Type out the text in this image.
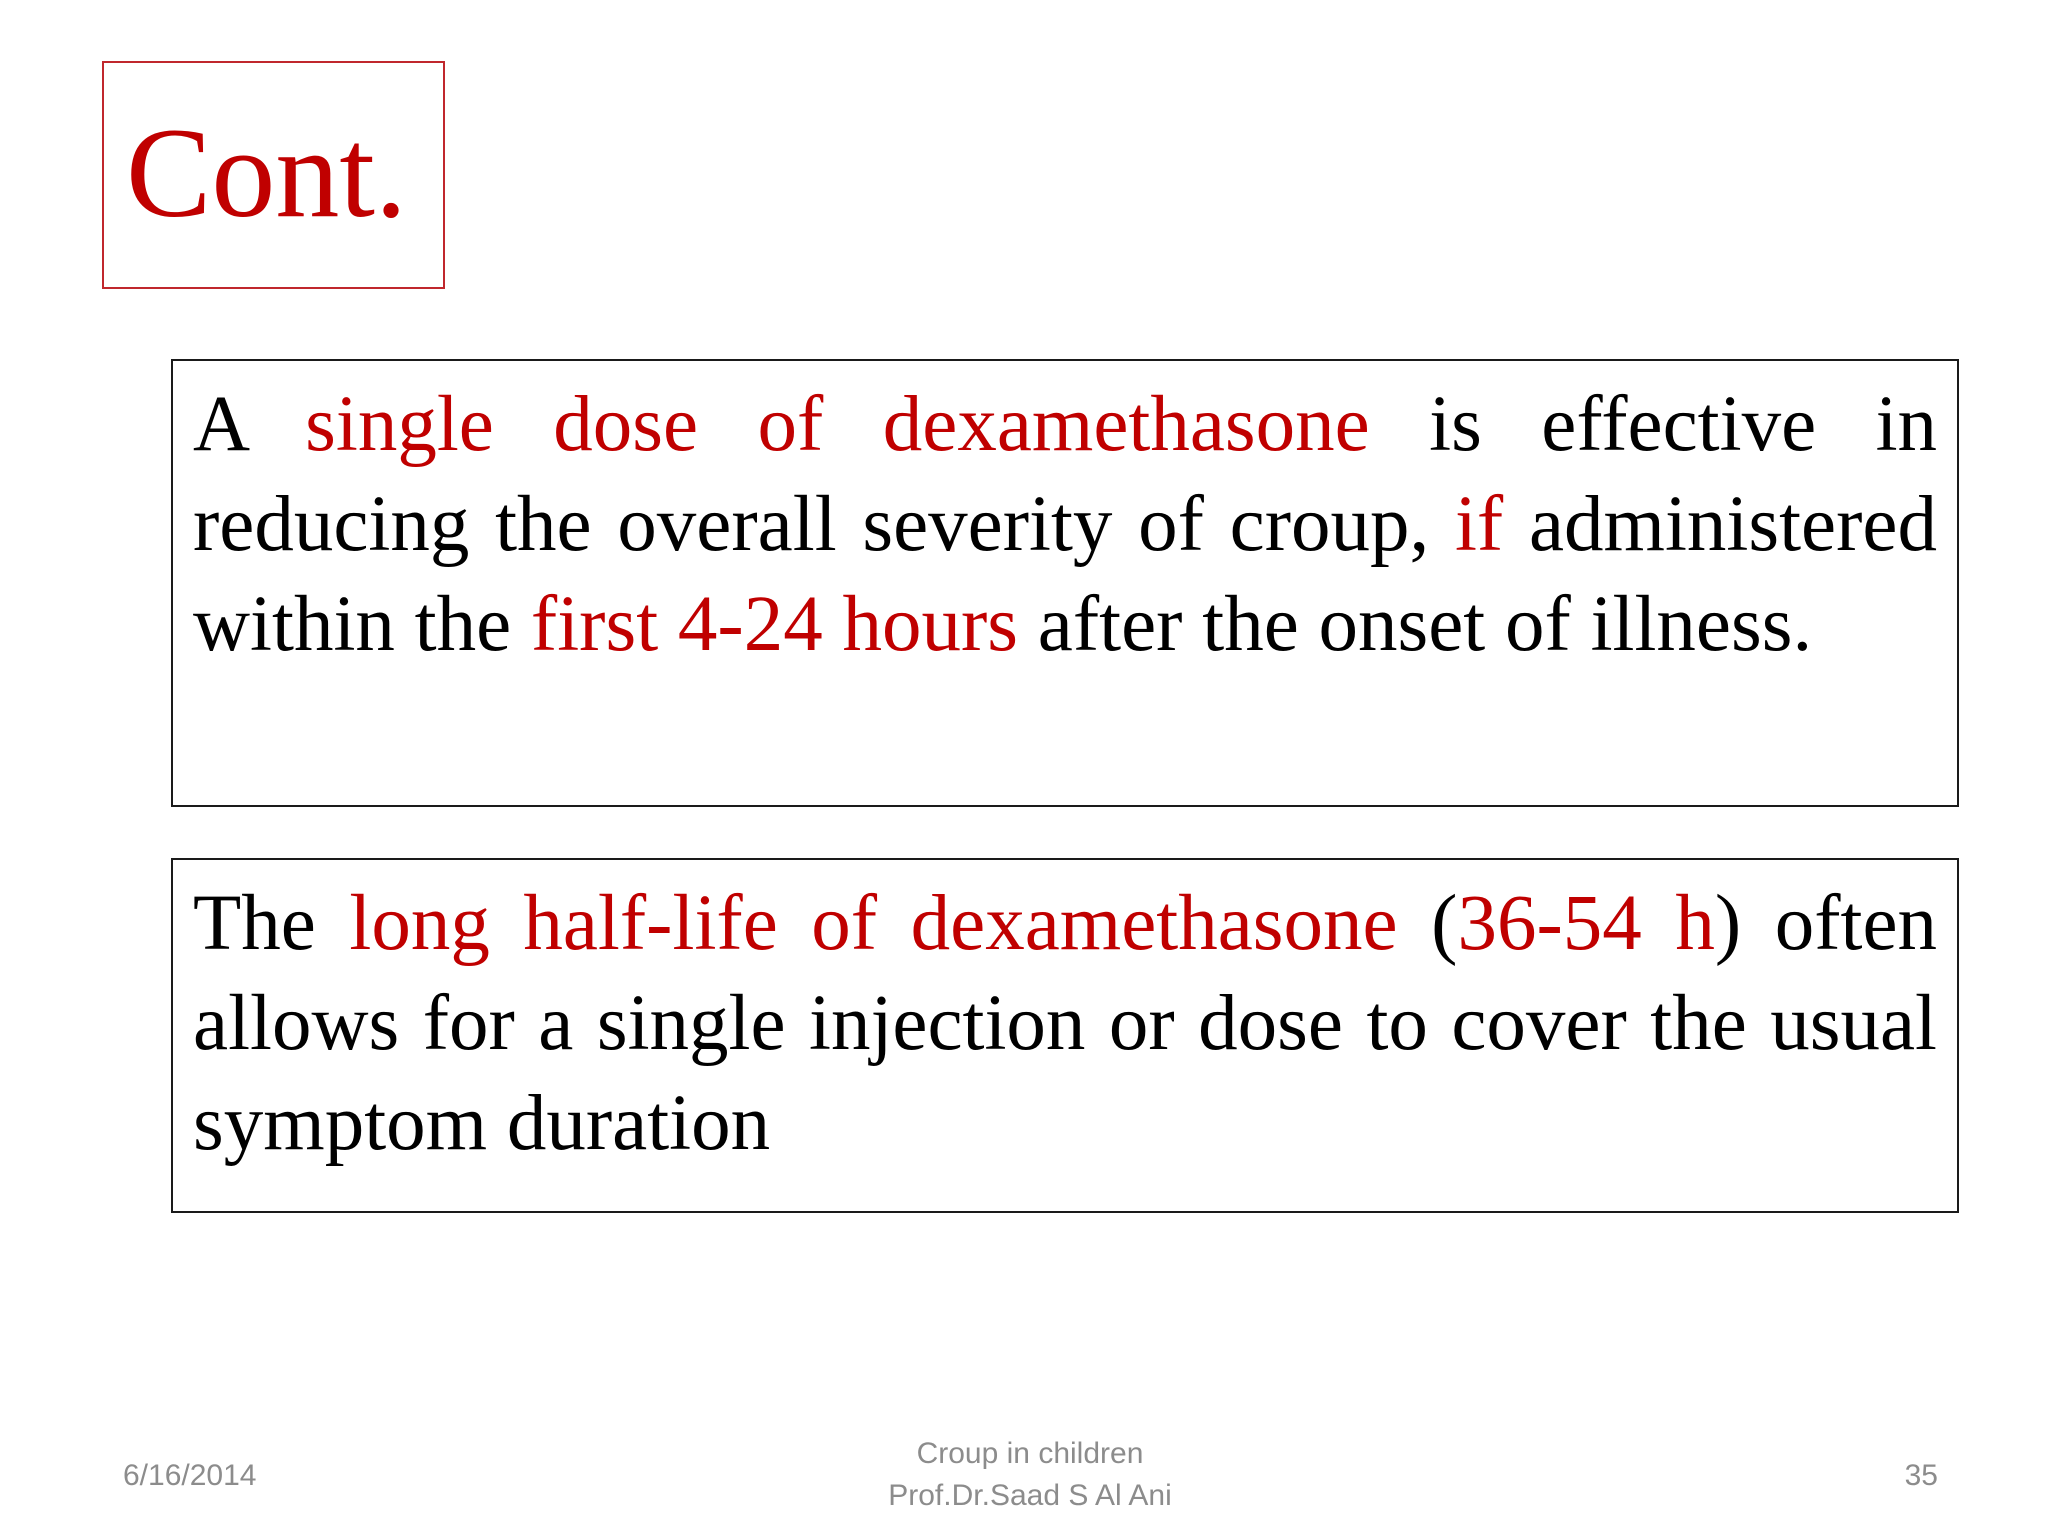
Cont.
A single dose of dexamethasone is effective in reducing the overall severity of croup, if administered within the first 4-24 hours after the onset of illness.
The long half-life of dexamethasone (36-54 h) often allows for a single injection or dose to cover the usual symptom duration
6/16/2014
Croup in children
Prof.Dr.Saad S Al Ani
35
